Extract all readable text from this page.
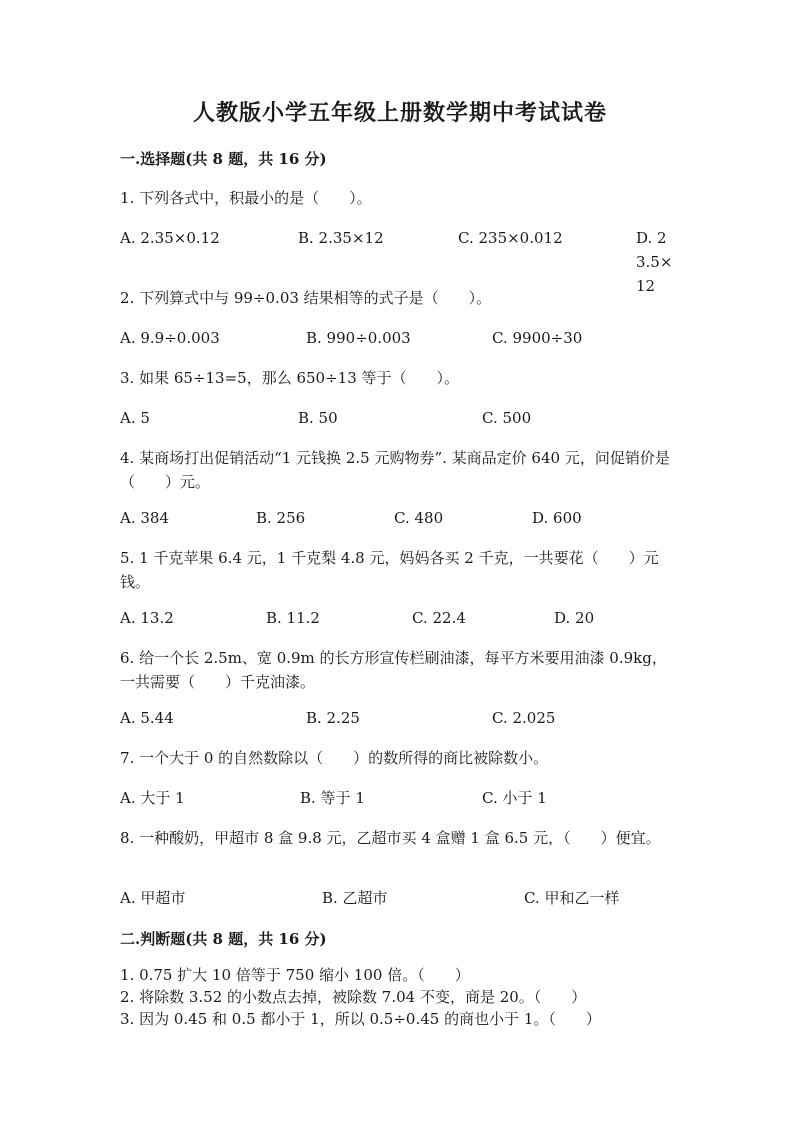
人教版小学五年级上册数学期中考试试卷
一.选择题(共 8 题，共 16 分)
1. 下列各式中，积最小的是（　　）。
A. 2.35×0.12	B. 2.35×12	C. 235×0.012	D. 23.5×12
2. 下列算式中与 99÷0.03 结果相等的式子是（　　）。
A. 9.9÷0.003	B. 990÷0.003	C. 9900÷30
3. 如果 65÷13=5，那么 650÷13 等于（　　）。
A. 5	B. 50	C. 500
4. 某商场打出促销活动“1 元钱换 2.5 元购物券”. 某商品定价 640 元，问促销价是（　　）元。
A. 384	B. 256	C. 480	D. 600
5. 1 千克苹果 6.4 元，1 千克梨 4.8 元，妈妈各买 2 千克，一共要花（　　）元钱。
A. 13.2	B. 11.2	C. 22.4	D. 20
6. 给一个长 2.5m、宽 0.9m 的长方形宣传栏刷油漆，每平方米要用油漆 0.9kg，一共需要（　　）千克油漆。
A. 5.44	B. 2.25	C. 2.025
7. 一个大于 0 的自然数除以（　　）的数所得的商比被除数小。
A. 大于 1	B. 等于 1	C. 小于 1
8. 一种酸奶，甲超市 8 盒 9.8 元，乙超市买 4 盒赠 1 盒 6.5 元，（　　）便宜。
A. 甲超市	B. 乙超市	C. 甲和乙一样
二.判断题(共 8 题，共 16 分)
1. 0.75 扩大 10 倍等于 750 缩小 100 倍。（　　）
2. 将除数 3.52 的小数点去掉，被除数 7.04 不变，商是 20。（　　）
3. 因为 0.45 和 0.5 都小于 1，所以 0.5÷0.45 的商也小于 1。（　　）
